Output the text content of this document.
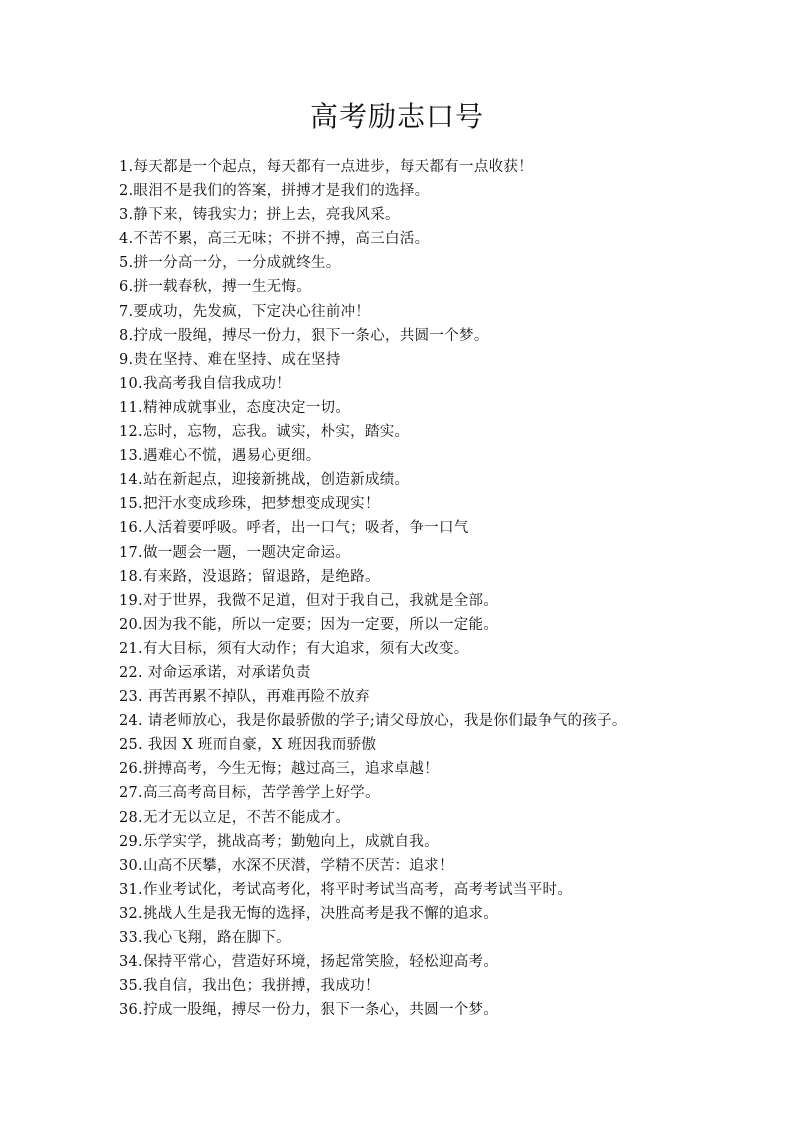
高考励志口号
1.每天都是一个起点，每天都有一点进步，每天都有一点收获！
2.眼泪不是我们的答案，拼搏才是我们的选择。
3.静下来，铸我实力；拼上去，亮我风采。
4.不苦不累，高三无味；不拼不搏，高三白活。
5.拼一分高一分，一分成就终生。
6.拼一载春秋，搏一生无悔。
7.要成功，先发疯，下定决心往前冲！
8.拧成一股绳，搏尽一份力，狠下一条心，共圆一个梦。
9.贵在坚持、难在坚持、成在坚持
10.我高考我自信我成功！
11.精神成就事业，态度决定一切。
12.忘时，忘物，忘我。诚实，朴实，踏实。
13.遇难心不慌，遇易心更细。
14.站在新起点，迎接新挑战，创造新成绩。
15.把汗水变成珍珠，把梦想变成现实！
16.人活着要呼吸。呼者，出一口气；吸者，争一口气
17.做一题会一题，一题决定命运。
18.有来路，没退路；留退路，是绝路。
19.对于世界，我微不足道，但对于我自己，我就是全部。
20.因为我不能，所以一定要；因为一定要，所以一定能。
21.有大目标，须有大动作；有大追求，须有大改变。
22. 对命运承诺，对承诺负责
23. 再苦再累不掉队，再难再险不放弃
24. 请老师放心，我是你最骄傲的学子;请父母放心，我是你们最争气的孩子。
25. 我因 X 班而自豪，X 班因我而骄傲
26.拼搏高考，今生无悔；越过高三，追求卓越！
27.高三高考高目标，苦学善学上好学。
28.无才无以立足，不苦不能成才。
29.乐学实学，挑战高考；勤勉向上，成就自我。
30.山高不厌攀，水深不厌潜，学精不厌苦：追求！
31.作业考试化，考试高考化，将平时考试当高考，高考考试当平时。
32.挑战人生是我无悔的选择，决胜高考是我不懈的追求。
33.我心飞翔，路在脚下。
34.保持平常心，营造好环境，扬起常笑脸，轻松迎高考。
35.我自信，我出色；我拼搏，我成功！
36.拧成一股绳，搏尽一份力，狠下一条心，共圆一个梦。
